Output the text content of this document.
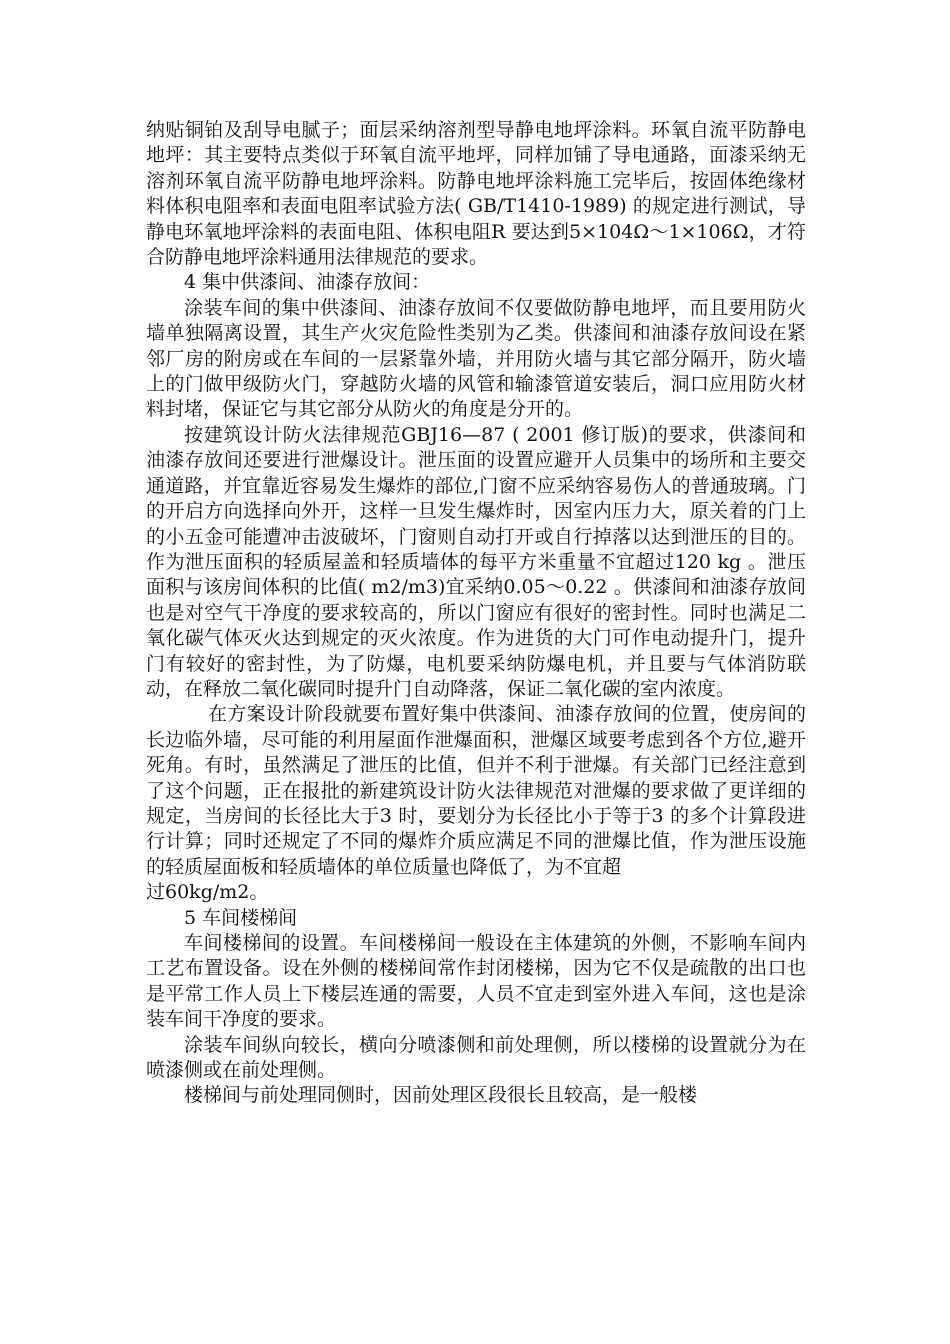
纳贴铜铂及刮导电腻子；面层采纳溶剂型导静电地坪涂料。环氧自流平防静电地坪：其主要特点类似于环氧自流平地坪，同样加铺了导电通路，面漆采纳无溶剂环氧自流平防静电地坪涂料。防静电地坪涂料施工完毕后，按固体绝缘材料体积电阻率和表面电阻率试验方法( GB/T1410-1989) 的规定进行测试，导静电环氧地坪涂料的表面电阻、体积电阻R 要达到5×104Ω～1×106Ω，才符合防静电地坪涂料通用法律规范的要求。

4 集中供漆间、油漆存放间：

涂装车间的集中供漆间、油漆存放间不仅要做防静电地坪，而且要用防火墙单独隔离设置，其生产火灾危险性类别为乙类。供漆间和油漆存放间设在紧邻厂房的附房或在车间的一层紧靠外墙，并用防火墙与其它部分隔开，防火墙上的门做甲级防火门，穿越防火墙的风管和输漆管道安装后，洞口应用防火材料封堵，保证它与其它部分从防火的角度是分开的。

按建筑设计防火法律规范GBJ16—87 ( 2001 修订版)的要求，供漆间和油漆存放间还要进行泄爆设计。泄压面的设置应避开人员集中的场所和主要交通道路，并宜靠近容易发生爆炸的部位,门窗不应采纳容易伤人的普通玻璃。门的开启方向选择向外开，这样一旦发生爆炸时，因室内压力大，原关着的门上的小五金可能遭冲击波破坏，门窗则自动打开或自行掉落以达到泄压的目的。作为泄压面积的轻质屋盖和轻质墙体的每平方米重量不宜超过120 kg 。泄压面积与该房间体积的比值( m2/m3)宜采纳0.05～0.22 。供漆间和油漆存放间也是对空气干净度的要求较高的，所以门窗应有很好的密封性。同时也满足二氧化碳气体灭火达到规定的灭火浓度。作为进货的大门可作电动提升门，提升门有较好的密封性，为了防爆，电机要采纳防爆电机，并且要与气体消防联动，在释放二氧化碳同时提升门自动降落，保证二氧化碳的室内浓度。

在方案设计阶段就要布置好集中供漆间、油漆存放间的位置，使房间的长边临外墙，尽可能的利用屋面作泄爆面积，泄爆区域要考虑到各个方位,避开死角。有时，虽然满足了泄压的比值，但并不利于泄爆。有关部门已经注意到了这个问题，正在报批的新建筑设计防火法律规范对泄爆的要求做了更详细的规定，当房间的长径比大于3 时，要划分为长径比小于等于3 的多个计算段进行计算；同时还规定了不同的爆炸介质应满足不同的泄爆比值，作为泄压设施的轻质屋面板和轻质墙体的单位质量也降低了，为不宜超

过60kg/m2。

5 车间楼梯间

车间楼梯间的设置。车间楼梯间一般设在主体建筑的外侧，不影响车间内工艺布置设备。设在外侧的楼梯间常作封闭楼梯，因为它不仅是疏散的出口也是平常工作人员上下楼层连通的需要，人员不宜走到室外进入车间，这也是涂装车间干净度的要求。

涂装车间纵向较长，横向分喷漆侧和前处理侧，所以楼梯的设置就分为在喷漆侧或在前处理侧。

楼梯间与前处理同侧时，因前处理区段很长且较高，是一般楼
